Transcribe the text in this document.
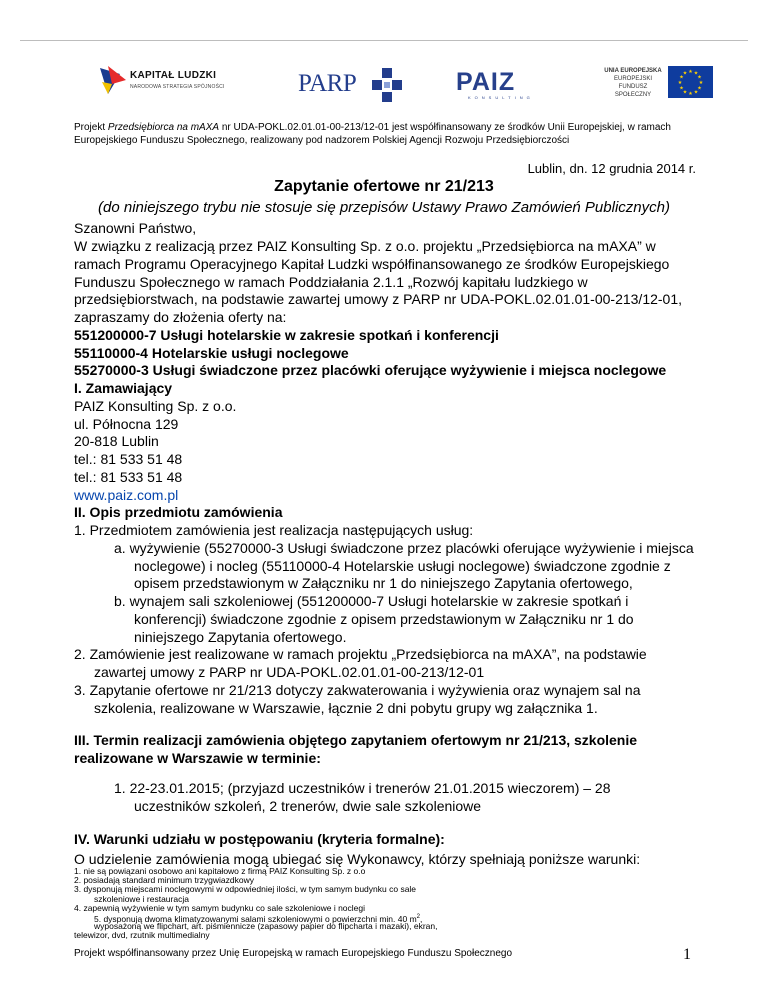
KAPITAŁ LUDZKI
NARODOWA STRATEGIA SPÓJNOŚCI	PARP	PAIZ
KONSULTING
UNIA EUROPEJSKA
EUROPEJSKI
FUNDUSZ SPOŁECZNY
★ ★
★
★
★
★
★
★
★
★
★
★
Projekt Przedsiębiorca na mAXA nr UDA-POKL.02.01.01-00-213/12-01 jest współfinansowany ze środków Unii Europejskiej, w ramach Europejskiego Funduszu Społecznego, realizowany pod nadzorem Polskiej Agencji Rozwoju Przedsiębiorczości
Lublin, dn. 12 grudnia 2014 r.
Zapytanie ofertowe nr 21/213
(do niniejszego trybu nie stosuje się przepisów Ustawy Prawo Zamówień Publicznych)
Szanowni Państwo,
W związku z realizacją przez PAIZ Konsulting Sp. z o.o. projektu „Przedsiębiorca na mAXA” w
ramach Programu Operacyjnego Kapitał Ludzki współfinansowanego ze środków Europejskiego
Funduszu Społecznego w ramach Poddziałania 2.1.1 „Rozwój kapitału ludzkiego w
przedsiębiorstwach, na podstawie zawartej umowy z PARP nr UDA-POKL.02.01.01-00-213/12-01,
zapraszamy do złożenia oferty na:
551200000-7 Usługi hotelarskie w zakresie spotkań i konferencji
55110000-4 Hotelarskie usługi noclegowe
55270000-3 Usługi świadczone przez placówki oferujące wyżywienie i miejsca noclegowe
I. Zamawiający
PAIZ Konsulting Sp. z o.o.
ul. Północna 129
20-818 Lublin
tel.: 81 533 51 48
tel.: 81 533 51 48
www.paiz.com.pl
II. Opis przedmiotu zamówienia
1. Przedmiotem zamówienia jest realizacja następujących usług:
a. wyżywienie (55270000-3 Usługi świadczone przez placówki oferujące wyżywienie i miejsca
noclegowe) i nocleg (55110000-4 Hotelarskie usługi noclegowe) świadczone zgodnie z
opisem przedstawionym w Załączniku nr 1 do niniejszego Zapytania ofertowego,
b. wynajem sali szkoleniowej (551200000-7 Usługi hotelarskie w zakresie spotkań i
konferencji) świadczone zgodnie z opisem przedstawionym w Załączniku nr 1 do
niniejszego Zapytania ofertowego.
2. Zamówienie jest realizowane w ramach projektu „Przedsiębiorca na mAXA”, na podstawie
zawartej umowy z PARP nr UDA-POKL.02.01.01-00-213/12-01
3. Zapytanie ofertowe nr 21/213 dotyczy zakwaterowania i wyżywienia oraz wynajem sal na
szkolenia, realizowane w Warszawie, łącznie 2 dni pobytu grupy wg załącznika 1.
III. Termin realizacji zamówienia objętego zapytaniem ofertowym nr 21/213, szkolenie
realizowane w Warszawie w terminie:
1. 22-23.01.2015; (przyjazd uczestników i trenerów 21.01.2015 wieczorem) – 28
uczestników szkoleń, 2 trenerów, dwie sale szkoleniowe
IV. Warunki udziału w postępowaniu (kryteria formalne):
O udzielenie zamówienia mogą ubiegać się Wykonawcy, którzy spełniają poniższe warunki:
Projekt współfinansowany przez Unię Europejską w ramach Europejskiego Funduszu Społecznego	1
1. nie są powiązani osobowo ani kapitałowo z firmą PAIZ Konsulting Sp. z o.o
2. posiadają standard minimum trzygwiazdkowy
3. dysponują miejscami noclegowymi w odpowiedniej ilości, w tym samym budynku co sale
szkoleniowe i restauracja
4. zapewnią wyżywienie w tym samym budynku co sale szkoleniowe i noclegi
5. dysponują dwoma klimatyzowanymi salami szkoleniowymi o powierzchni min. 40 $m^2$,
wyposażoną we flipchart, art. piśmiennicze (zapasowy papier do flipcharta i mazaki), ekran,
telewizor, dvd, rzutnik multimedialny
